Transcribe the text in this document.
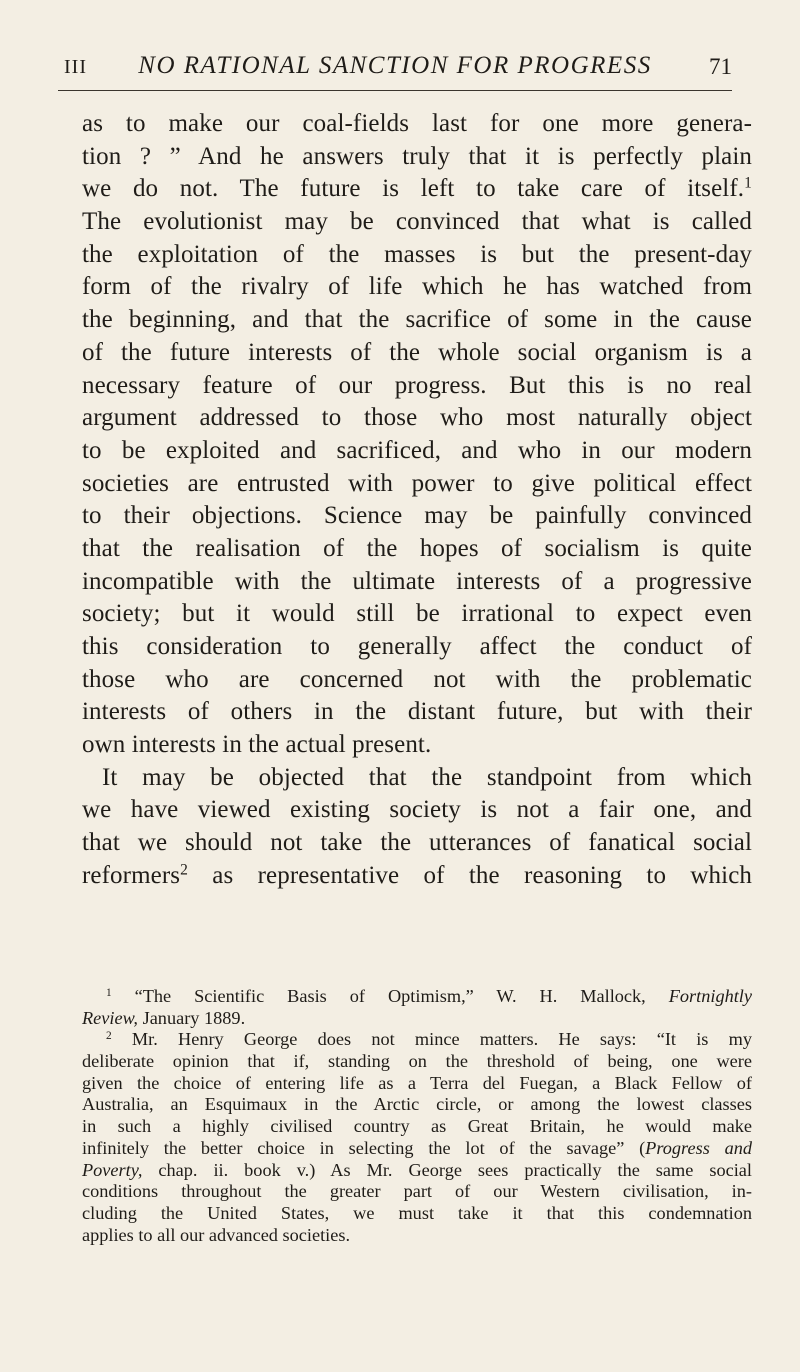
III	NO RATIONAL SANCTION FOR PROGRESS	71
as to make our coal-fields last for one more genera-
tion ? ” And he answers truly that it is perfectly plain
we do not. The future is left to take care of itself.$^1$
The evolutionist may be convinced that what is called
the exploitation of the masses is but the present-day
form of the rivalry of life which he has watched from
the beginning, and that the sacrifice of some in the cause
of the future interests of the whole social organism is a
necessary feature of our progress. But this is no real
argument addressed to those who most naturally object
to be exploited and sacrificed, and who in our modern
societies are entrusted with power to give political effect
to their objections. Science may be painfully convinced
that the realisation of the hopes of socialism is quite
incompatible with the ultimate interests of a progressive
society; but it would still be irrational to expect even
this consideration to generally affect the conduct of
those who are concerned not with the problematic
interests of others in the distant future, but with their
own interests in the actual present.
It may be objected that the standpoint from which
we have viewed existing society is not a fair one, and
that we should not take the utterances of fanatical social
reformers$^2$ as representative of the reasoning to which
$^1$ “The Scientific Basis of Optimism,” W. H. Mallock, Fortnightly
Review, January 1889.
$^2$ Mr. Henry George does not mince matters. He says: “It is my
deliberate opinion that if, standing on the threshold of being, one were
given the choice of entering life as a Terra del Fuegan, a Black Fellow of
Australia, an Esquimaux in the Arctic circle, or among the lowest classes
in such a highly civilised country as Great Britain, he would make
infinitely the better choice in selecting the lot of the savage” (Progress and
Poverty, chap. ii. book v.) As Mr. George sees practically the same social
conditions throughout the greater part of our Western civilisation, in-
cluding the United States, we must take it that this condemnation
applies to all our advanced societies.
